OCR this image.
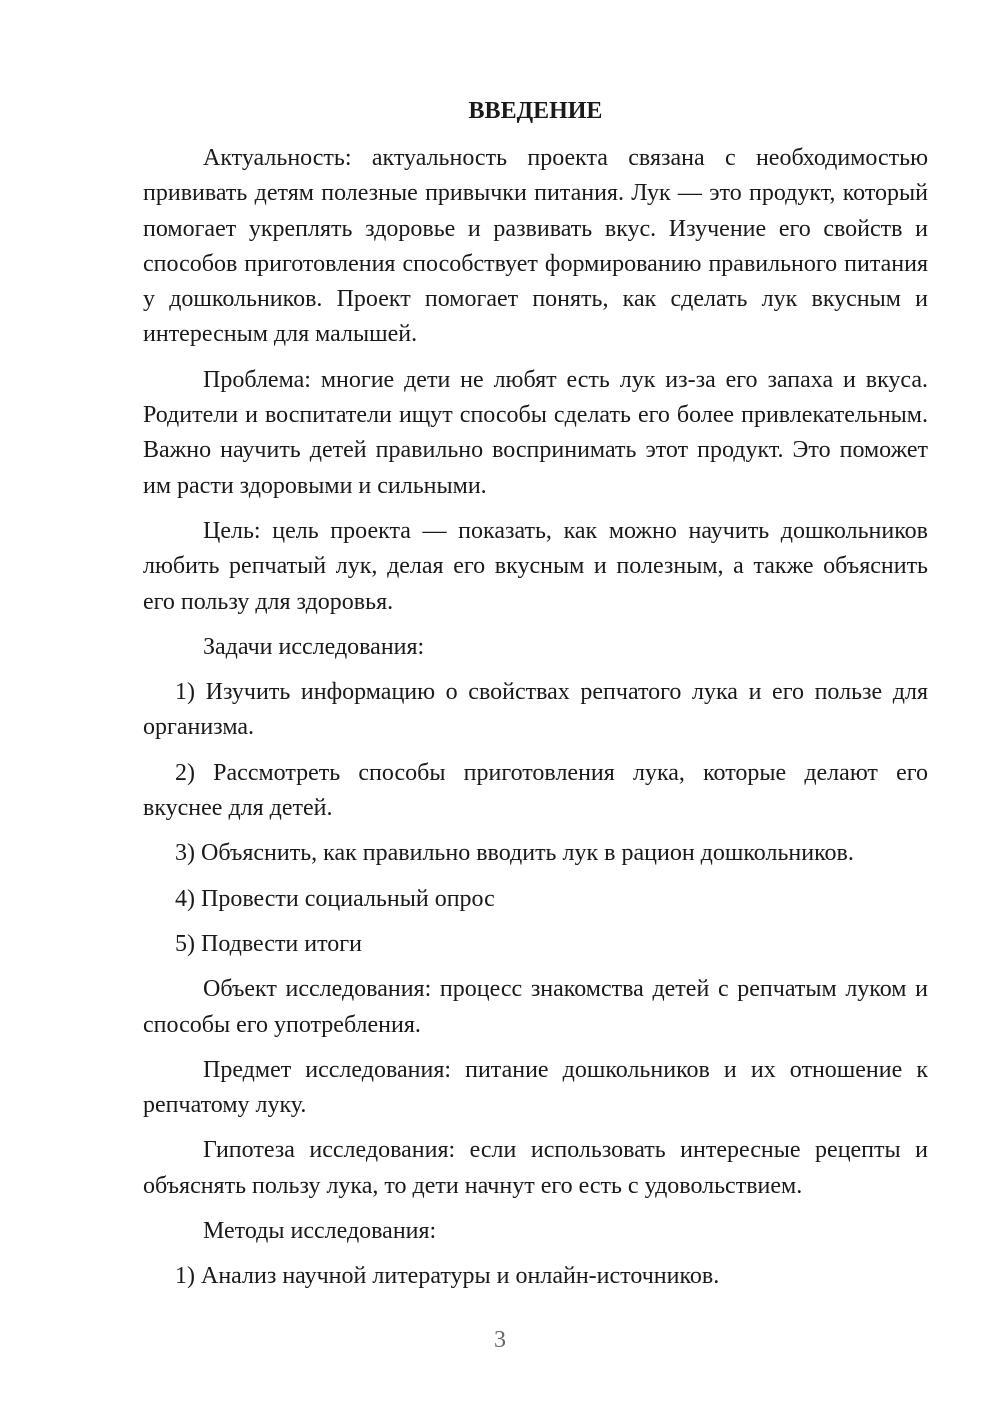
ВВЕДЕНИЕ

Актуальность: актуальность проекта связана с необходимостью прививать детям полезные привычки питания. Лук — это продукт, который помогает укреплять здоровье и развивать вкус. Изучение его свойств и способов приготовления способствует формированию правильного питания у дошкольников. Проект помогает понять, как сделать лук вкусным и интересным для малышей.

Проблема: многие дети не любят есть лук из-за его запаха и вкуса. Родители и воспитатели ищут способы сделать его более привлекательным. Важно научить детей правильно воспринимать этот продукт. Это поможет им расти здоровыми и сильными.

Цель: цель проекта — показать, как можно научить дошкольников любить репчатый лук, делая его вкусным и полезным, а также объяснить его пользу для здоровья.

Задачи исследования:

1) Изучить информацию о свойствах репчатого лука и его пользе для организма.

2) Рассмотреть способы приготовления лука, которые делают его вкуснее для детей.

3) Объяснить, как правильно вводить лук в рацион дошкольников.

4) Провести социальный опрос

5) Подвести итоги

Объект исследования: процесс знакомства детей с репчатым луком и способы его употребления.

Предмет исследования: питание дошкольников и их отношение к репчатому луку.

Гипотеза исследования: если использовать интересные рецепты и объяснять пользу лука, то дети начнут его есть с удовольствием.

Методы исследования:

1) Анализ научной литературы и онлайн-источников.

3
